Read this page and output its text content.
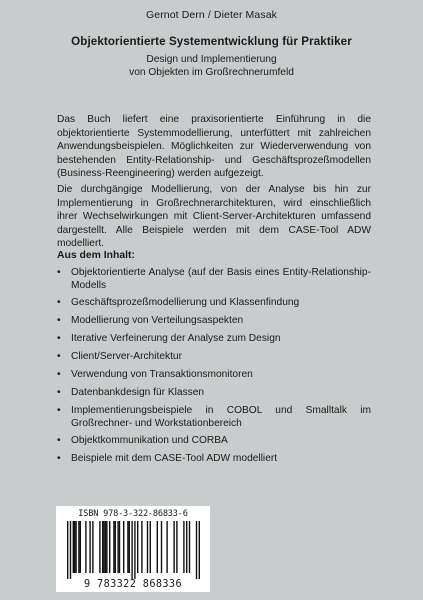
Gernot Dern / Dieter Masak
Objektorientierte Systementwicklung für Praktiker
Design und Implementierung
von Objekten im Großrechnerumfeld
Das Buch liefert eine praxisorientierte Einführung in die objektorientierte Systemmodellierung, unterfüttert mit zahlreichen Anwendungsbeispielen. Möglichkeiten zur Wiederverwendung von bestehenden Entity-Relationship- und Geschäftsprozeßmodellen (Business-Reengineering) werden aufgezeigt.
Die durchgängige Modellierung, von der Analyse bis hin zur Implementierung in Großrechnerarchitekturen, wird einschließlich ihrer Wechselwirkungen mit Client-Server-Architekturen umfassend dargestellt. Alle Beispiele werden mit dem CASE-Tool ADW modelliert.
Aus dem Inhalt:
• Objektorientierte Analyse (auf der Basis eines Entity-Relationship-Modells
• Geschäftsprozeßmodellierung und Klassenfindung
• Modellierung von Verteilungsaspekten
• Iterative Verfeinerung der Analyse zum Design
• Client/Server-Architektur
• Verwendung von Transaktionsmonitoren
• Datenbankdesign für Klassen
• Implementierungsbeispiele in COBOL und Smalltalk im Großrechner- und Workstationbereich
• Objektkommunikation und CORBA
• Beispiele mit dem CASE-Tool ADW modelliert
ISBN 978-3-322-86833-6
9 783322 868336
